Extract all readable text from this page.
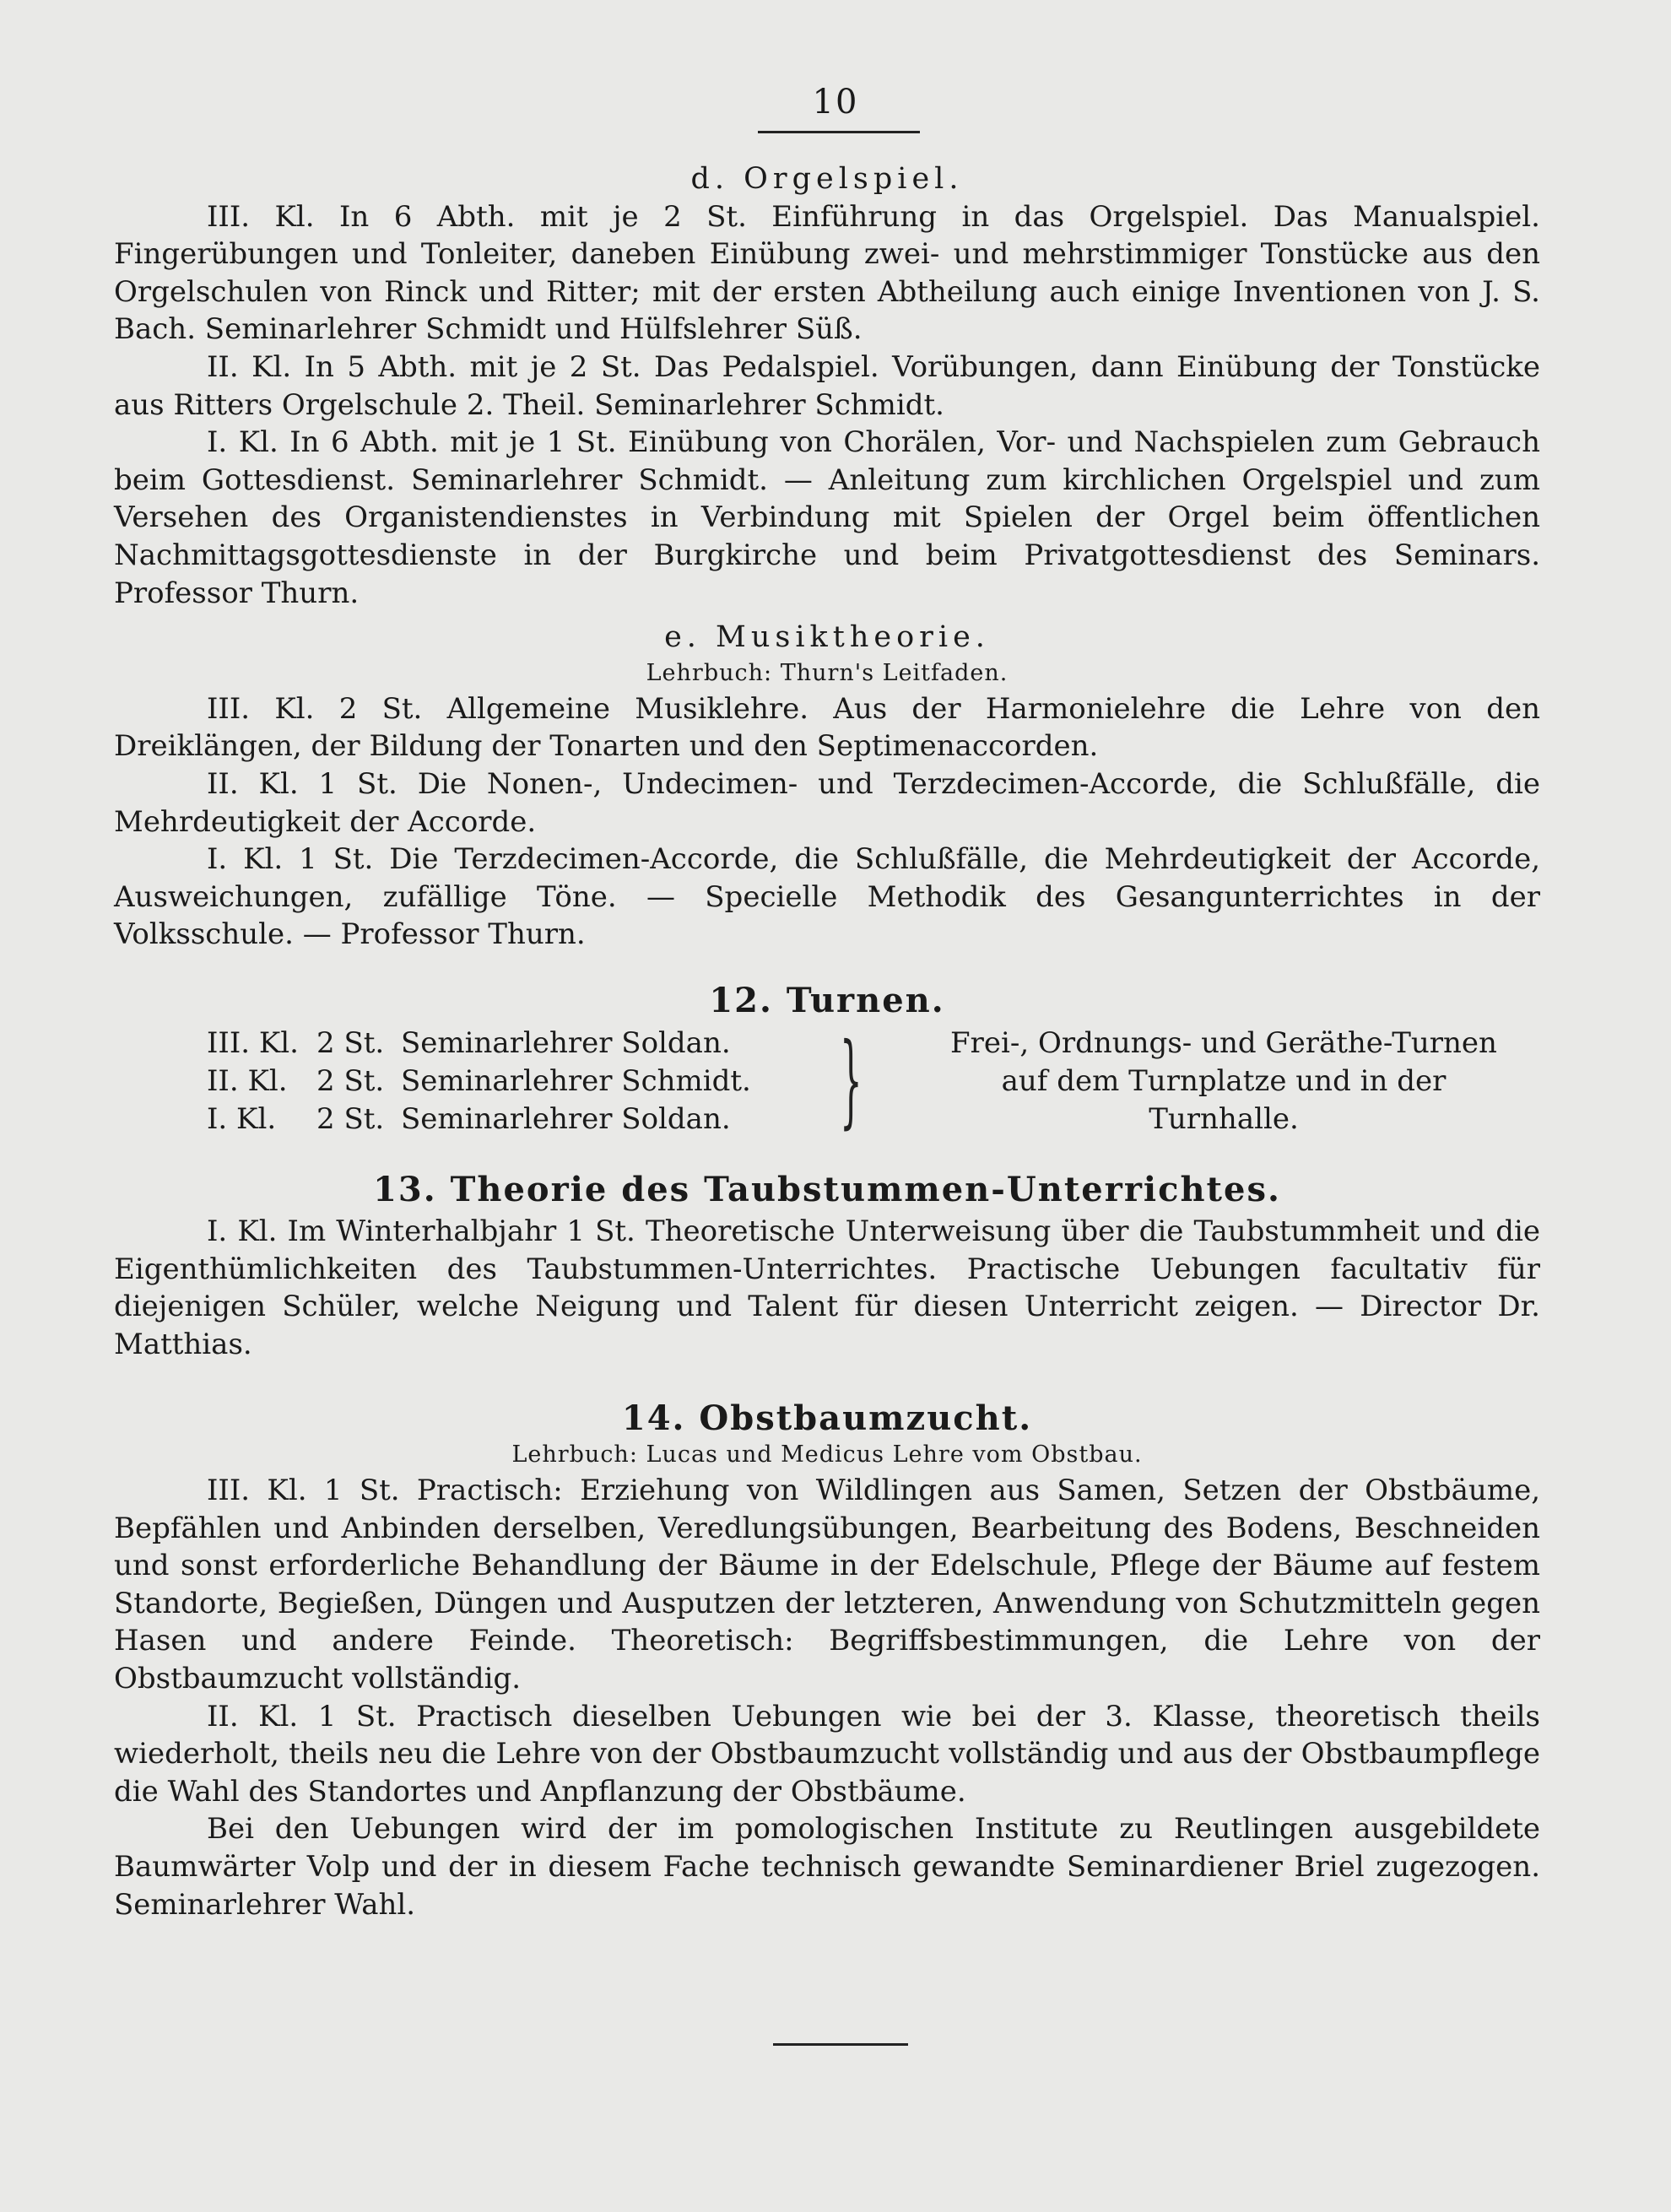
10

d. Orgelspiel.

III. Kl. In 6 Abth. mit je 2 St. Einführung in das Orgelspiel. Das Manualspiel. Fingerübungen und Tonleiter, daneben Einübung zwei- und mehrstimmiger Tonstücke aus den Orgelschulen von Rinck und Ritter; mit der ersten Abtheilung auch einige Inventionen von J. S. Bach. Seminarlehrer Schmidt und Hülfslehrer Süß.

II. Kl. In 5 Abth. mit je 2 St. Das Pedalspiel. Vorübungen, dann Einübung der Tonstücke aus Ritters Orgelschule 2. Theil. Seminarlehrer Schmidt.

I. Kl. In 6 Abth. mit je 1 St. Einübung von Chorälen, Vor- und Nachspielen zum Gebrauch beim Gottesdienst. Seminarlehrer Schmidt. — Anleitung zum kirchlichen Orgelspiel und zum Versehen des Organistendienstes in Verbindung mit Spielen der Orgel beim öffentlichen Nachmittagsgottesdienste in der Burgkirche und beim Privatgottesdienst des Seminars. Professor Thurn.

e. Musiktheorie.

Lehrbuch: Thurn's Leitfaden.

III. Kl. 2 St. Allgemeine Musiklehre. Aus der Harmonielehre die Lehre von den Dreiklängen, der Bildung der Tonarten und den Septimenaccorden.

II. Kl. 1 St. Die Nonen-, Undecimen- und Terzdecimen-Accorde, die Schlußfälle, die Mehrdeutigkeit der Accorde.

I. Kl. 1 St. Die Terzdecimen-Accorde, die Schlußfälle, die Mehrdeutigkeit der Accorde, Ausweichungen, zufällige Töne. — Specielle Methodik des Gesangunterrichtes in der Volksschule. — Professor Thurn.

12. Turnen.

III. Kl. 2 St. Seminarlehrer Soldan.
II. Kl.	2 St. Seminarlehrer Schmidt.
I. Kl.	2 St. Seminarlehrer Soldan.	}	Frei-, Ordnungs- und Geräthe-Turnen
auf dem Turnplatze und in der
Turnhalle.

13. Theorie des Taubstummen-Unterrichtes.

I. Kl. Im Winterhalbjahr 1 St. Theoretische Unterweisung über die Taubstummheit und die Eigenthümlichkeiten des Taubstummen-Unterrichtes. Practische Uebungen facultativ für diejenigen Schüler, welche Neigung und Talent für diesen Unterricht zeigen. — Director Dr. Matthias.

14. Obstbaumzucht.

Lehrbuch: Lucas und Medicus Lehre vom Obstbau.

III. Kl. 1 St. Practisch: Erziehung von Wildlingen aus Samen, Setzen der Obstbäume, Bepfählen und Anbinden derselben, Veredlungsübungen, Bearbeitung des Bodens, Beschneiden und sonst erforderliche Behandlung der Bäume in der Edelschule, Pflege der Bäume auf festem Standorte, Begießen, Düngen und Ausputzen der letzteren, Anwendung von Schutzmitteln gegen Hasen und andere Feinde. Theoretisch: Begriffsbestimmungen, die Lehre von der Obstbaumzucht vollständig.

II. Kl. 1 St. Practisch dieselben Uebungen wie bei der 3. Klasse, theoretisch theils wiederholt, theils neu die Lehre von der Obstbaumzucht vollständig und aus der Obstbaumpflege die Wahl des Standortes und Anpflanzung der Obstbäume.

Bei den Uebungen wird der im pomologischen Institute zu Reutlingen ausgebildete Baumwärter Volp und der in diesem Fache technisch gewandte Seminardiener Briel zugezogen. Seminarlehrer Wahl.
